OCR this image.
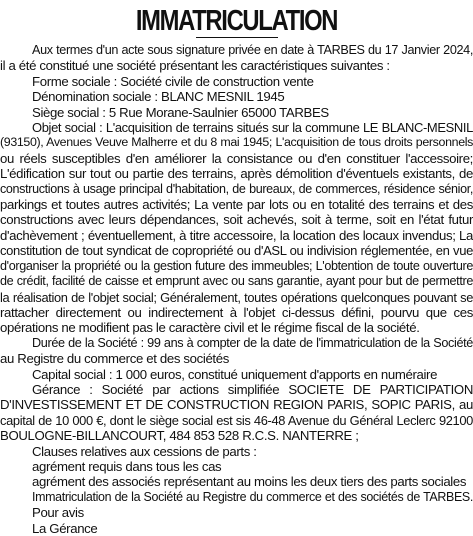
IMMATRICULATION
Aux termes d'un acte sous signature privée en date à TARBES du 17 Janvier 2024,
il a été constitué une société présentant les caractéristiques suivantes :
Forme sociale : Société civile de construction vente
Dénomination sociale : BLANC MESNIL 1945
Siège social : 5 Rue Morane-Saulnier 65000 TARBES
Objet social : L'acquisition de terrains situés sur la commune LE BLANC-MESNIL
(93150), Avenues Veuve Malherre et du 8 mai 1945; L'acquisition de tous droits personnels
ou réels susceptibles d'en améliorer la consistance ou d'en constituer l'accessoire;
L'édification sur tout ou partie des terrains, après démolition d'éventuels existants, de
constructions à usage principal d'habitation, de bureaux, de commerces, résidence sénior,
parkings et toutes autres activités; La vente par lots ou en totalité des terrains et des
constructions avec leurs dépendances, soit achevés, soit à terme, soit en l'état futur
d'achèvement ; éventuellement, à titre accessoire, la location des locaux invendus; La
constitution de tout syndicat de copropriété ou d'ASL ou indivision réglementée, en vue
d'organiser la propriété ou la gestion future des immeubles; L'obtention de toute ouverture
de crédit, facilité de caisse et emprunt avec ou sans garantie, ayant pour but de permettre
la réalisation de l'objet social; Généralement, toutes opérations quelconques pouvant se
rattacher directement ou indirectement à l'objet ci-dessus défini, pourvu que ces
opérations ne modifient pas le caractère civil et le régime fiscal de la société.
Durée de la Société : 99 ans à compter de la date de l'immatriculation de la Société
au Registre du commerce et des sociétés
Capital social : 1 000 euros, constitué uniquement d'apports en numéraire
Gérance : Société par actions simplifiée SOCIETE DE PARTICIPATION
D'INVESTISSEMENT ET DE CONSTRUCTION REGION PARIS, SOPIC PARIS, au
capital de 10 000 €, dont le siège social est sis 46-48 Avenue du Général Leclerc 92100
BOULOGNE-BILLANCOURT, 484 853 528 R.C.S. NANTERRE ;
Clauses relatives aux cessions de parts :
agrément requis dans tous les cas
agrément des associés représentant au moins les deux tiers des parts sociales
Immatriculation de la Société au Registre du commerce et des sociétés de TARBES.
Pour avis
La Gérance
